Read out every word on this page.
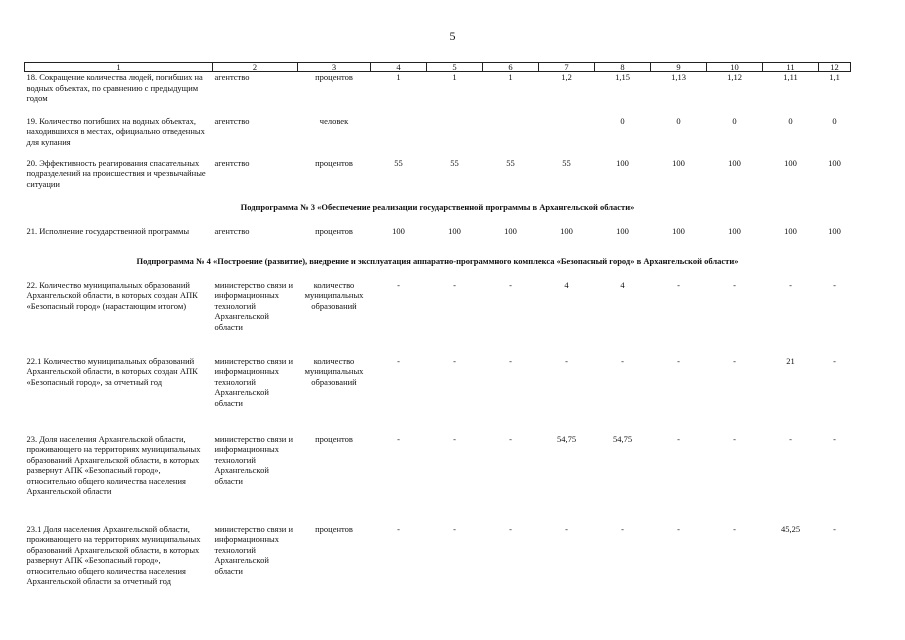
5
1	2	3	4	5	6	7	8	9	10	11	12
18. Сокращение количества людей, погибших на водных объектах, по сравнению с предыдущим годом	агентство	процентов	1	1	1	1,2	1,15	1,13	1,12	1,11	1,1
19. Количество погибших на водных объектах, находившихся в местах, официально отведенных для купания	агентство	человек					0	0	0	0	0
20. Эффективность реагирования спасательных подразделений на происшествия и чрезвычайные ситуации	агентство	процентов	55	55	55	55	100	100	100	100	100
Подпрограмма № 3 «Обеспечение реализации государственной программы в Архангельской области»											
21. Исполнение государственной программы	агентство	процентов	100	100	100	100	100	100	100	100	100
Подпрограмма № 4 «Построение (развитие), внедрение и эксплуатация аппаратно-программного комплекса «Безопасный город» в Архангельской области»											
22. Количество муниципальных образований Архангельской области, в которых создан АПК «Безопасный город» (нарастающим итогом)	министерство связи и информационных технологий Архангельской области	количество муниципальных образований	-	-	-	4	4	-	-	-	-
22.1 Количество муниципальных образований Архангельской области, в которых создан АПК «Безопасный город», за отчетный год	министерство связи и информационных технологий Архангельской области	количество муниципальных образований	-	-	-	-	-	-	-	21	-
23. Доля населения Архангельской области, проживающего на территориях муниципальных образований Архангельской области, в которых развернут АПК «Безопасный город», относительно общего количества населения Архангельской области	министерство связи и информационных технологий Архангельской области	процентов	-	-	-	54,75	54,75	-	-	-	-
23.1 Доля населения Архангельской области, проживающего на территориях муниципальных образований Архангельской области, в которых развернут АПК «Безопасный город», относительно общего количества населения Архангельской области за отчетный год	министерство связи и информационных технологий Архангельской области	процентов	-	-	-	-	-	-	-	45,25	-
